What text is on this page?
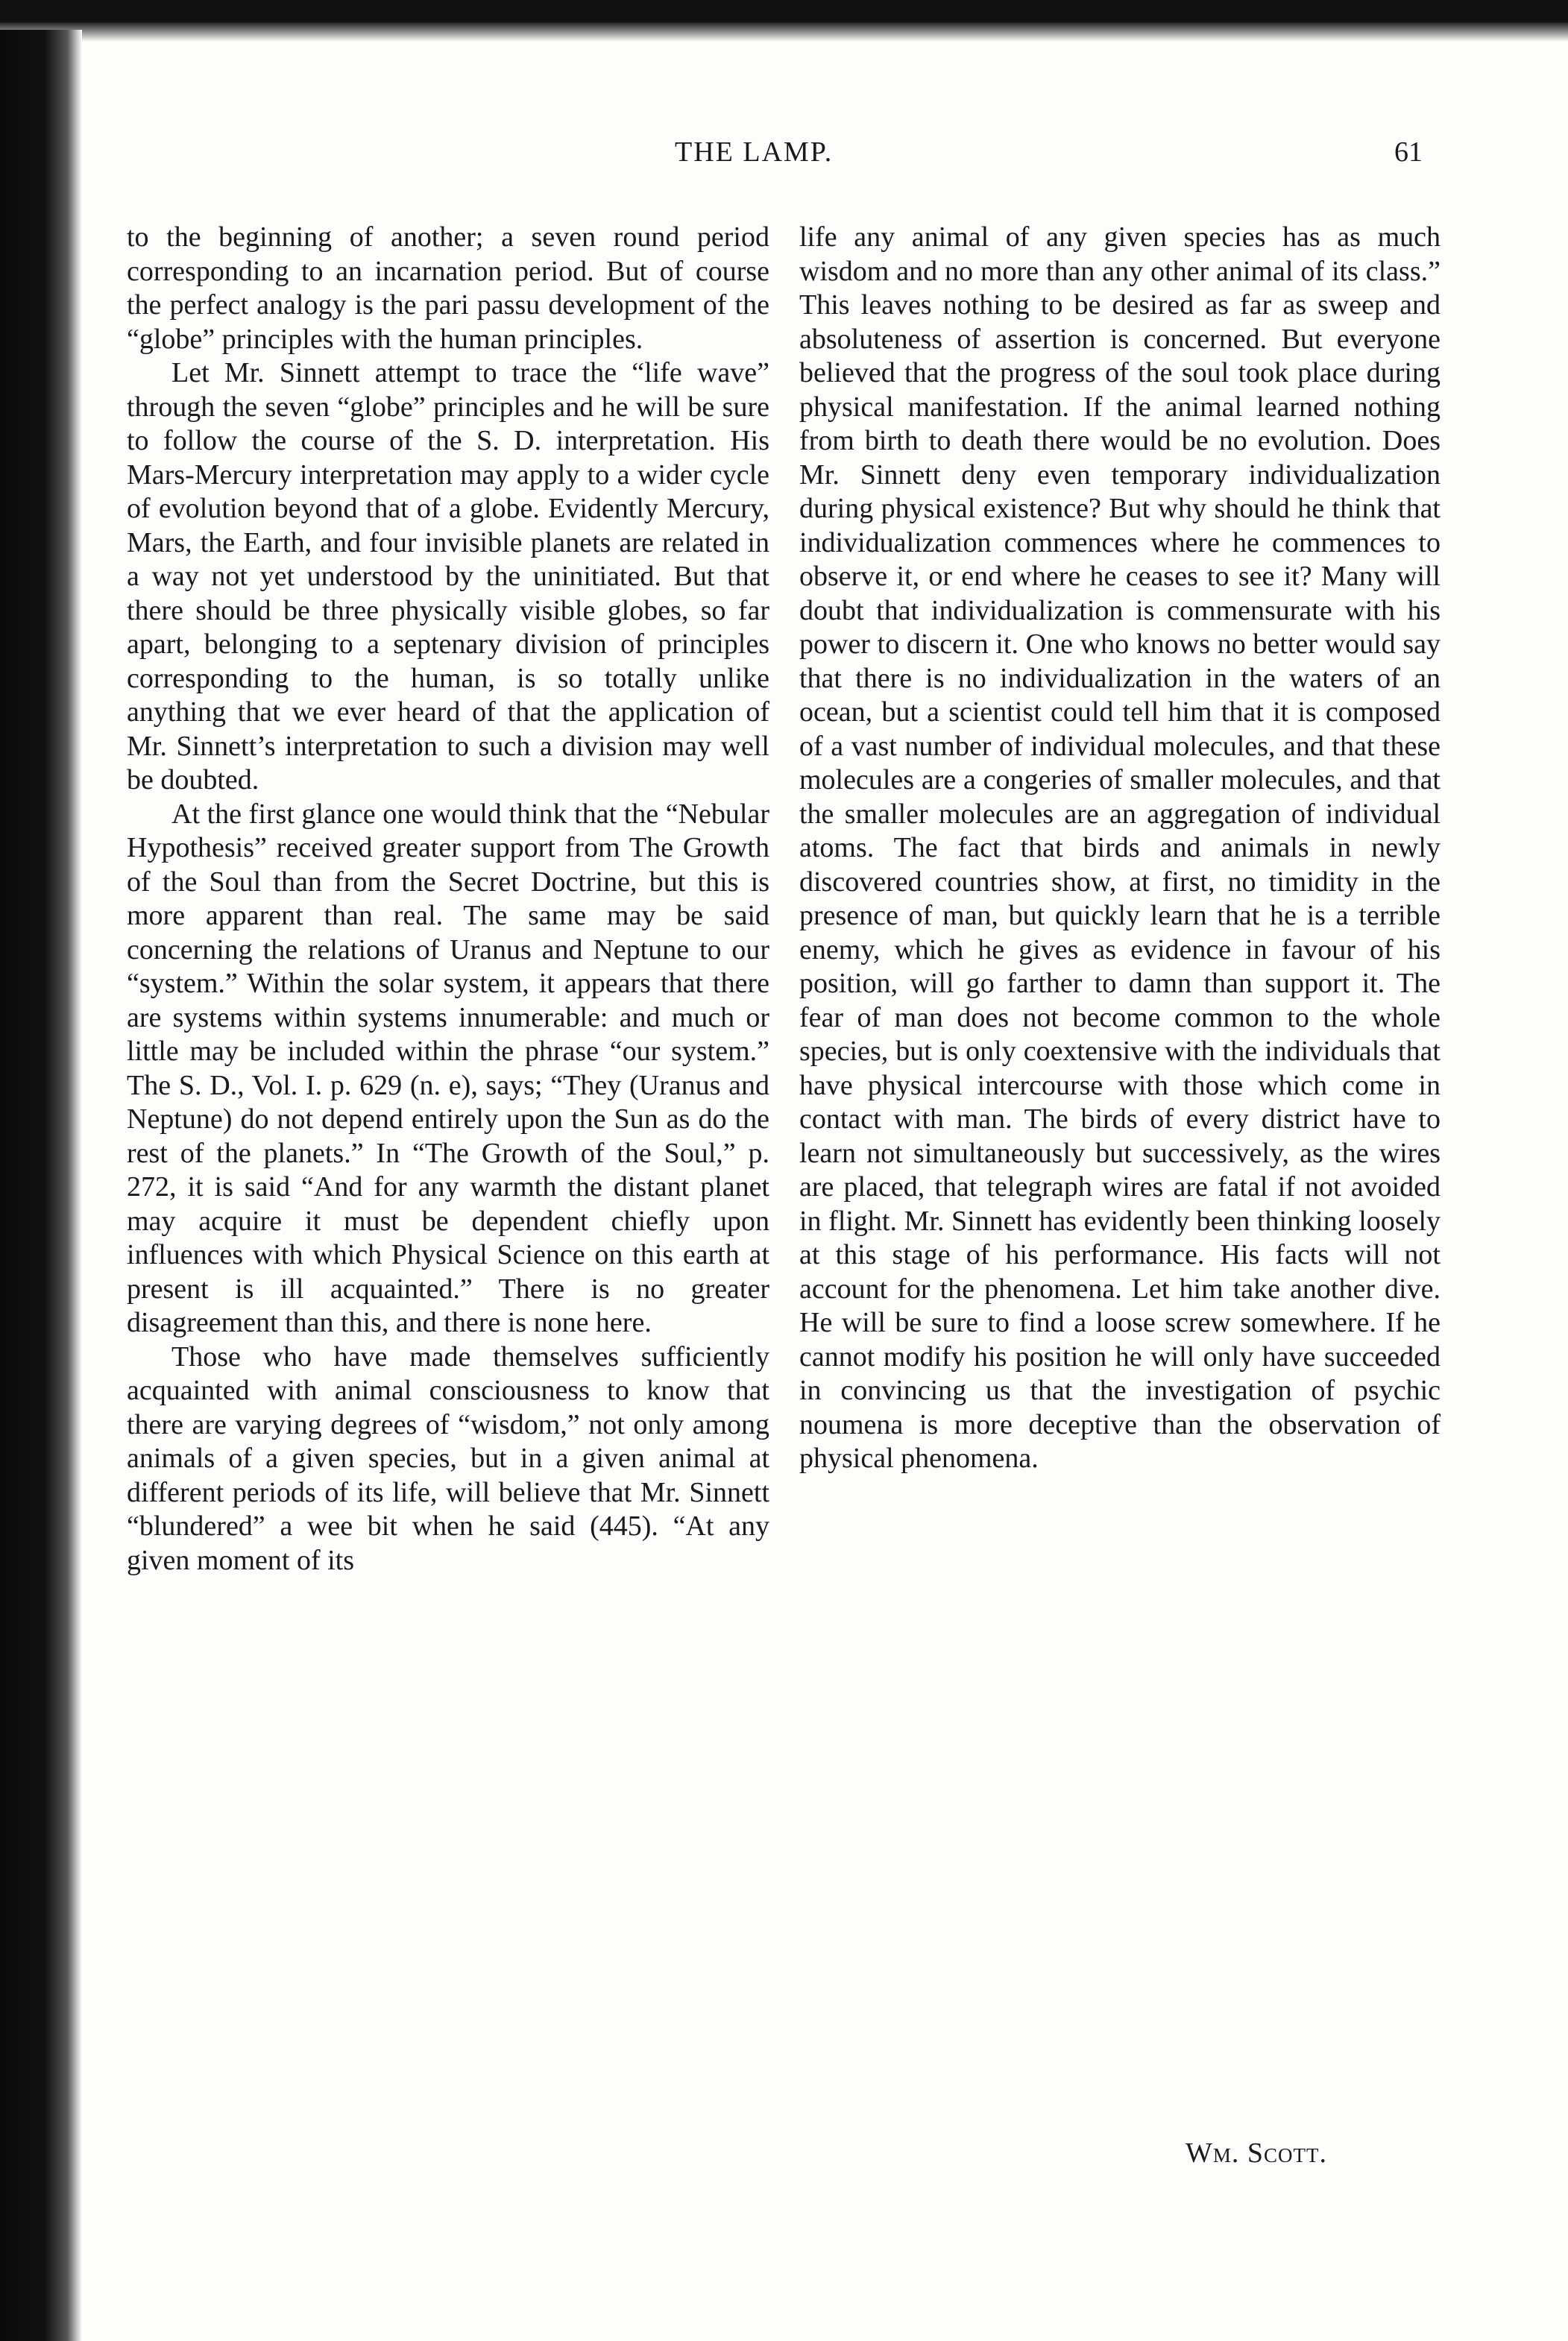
THE LAMP.	61

to the beginning of another; a seven round period corresponding to an incarnation period. But of course the perfect analogy is the pari passu development of the “globe” principles with the human principles.

Let Mr. Sinnett attempt to trace the “life wave” through the seven “globe” principles and he will be sure to follow the course of the S. D. interpretation. His Mars-Mercury interpretation may apply to a wider cycle of evolution beyond that of a globe. Evidently Mercury, Mars, the Earth, and four invisible planets are related in a way not yet understood by the uninitiated. But that there should be three physically visible globes, so far apart, belonging to a septenary division of principles corresponding to the human, is so totally unlike anything that we ever heard of that the application of Mr. Sinnett’s interpretation to such a division may well be doubted.

At the first glance one would think that the “Nebular Hypothesis” received greater support from The Growth of the Soul than from the Secret Doctrine, but this is more apparent than real. The same may be said concerning the relations of Uranus and Neptune to our “system.” Within the solar system, it appears that there are systems within systems innumerable: and much or little may be included within the phrase “our system.” The S. D., Vol. I. p. 629 (n. e), says; “They (Uranus and Neptune) do not depend entirely upon the Sun as do the rest of the planets.” In “The Growth of the Soul,” p. 272, it is said “And for any warmth the distant planet may acquire it must be dependent chiefly upon influences with which Physical Science on this earth at present is ill acquainted.” There is no greater disagreement than this, and there is none here.

Those who have made themselves sufficiently acquainted with animal consciousness to know that there are varying degrees of “wisdom,” not only among animals of a given species, but in a given animal at different periods of its life, will believe that Mr. Sinnett “blundered” a wee bit when he said (445). “At any given moment of its

life any animal of any given species has as much wisdom and no more than any other animal of its class.” This leaves nothing to be desired as far as sweep and absoluteness of assertion is concerned. But everyone believed that the progress of the soul took place during physical manifestation. If the animal learned nothing from birth to death there would be no evolution. Does Mr. Sinnett deny even temporary individualization during physical existence? But why should he think that individualization commences where he commences to observe it, or end where he ceases to see it? Many will doubt that individualization is commensurate with his power to discern it. One who knows no better would say that there is no individualization in the waters of an ocean, but a scientist could tell him that it is composed of a vast number of individual molecules, and that these molecules are a congeries of smaller molecules, and that the smaller molecules are an aggregation of individual atoms. The fact that birds and animals in newly discovered countries show, at first, no timidity in the presence of man, but quickly learn that he is a terrible enemy, which he gives as evidence in favour of his position, will go farther to damn than support it. The fear of man does not become common to the whole species, but is only coextensive with the individuals that have physical intercourse with those which come in contact with man. The birds of every district have to learn not simultaneously but successively, as the wires are placed, that telegraph wires are fatal if not avoided in flight. Mr. Sinnett has evidently been thinking loosely at this stage of his performance. His facts will not account for the phenomena. Let him take another dive. He will be sure to find a loose screw somewhere. If he cannot modify his position he will only have succeeded in convincing us that the investigation of psychic noumena is more deceptive than the observation of physical phenomena.

Wm. Scott.
